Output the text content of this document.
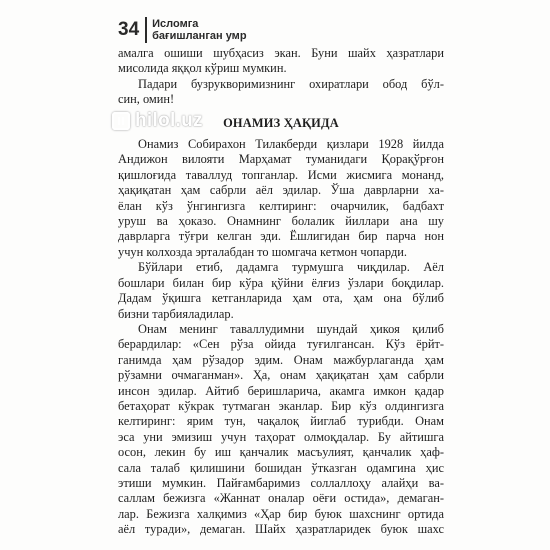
34	Исломга
бағишланган умр
hilol.uz
амалга ошиши шубҳасиз экан. Буни шайх ҳазратлари
мисолида яққол кўриш мумкин.
Падари бузрукворимизнинг охиратлари обод бўл-
син, омин!
ОНАМИЗ ҲАҚИДА
Онамиз Собирахон Тилакберди қизлари 1928 йилда
Андижон вилояти Марҳамат туманидаги Қорақўрғон
қишлоғида таваллуд топганлар. Исми жисмига монанд,
ҳақиқатан ҳам сабрли аёл эдилар. Ўша даврларни ха-
ёлан кўз ўнгингизга келтиринг: очарчилик, бадбахт
уруш ва ҳоказо. Онамнинг болалик йиллари ана шу
даврларга тўғри келган эди. Ёшлигидан бир парча нон
учун колхозда эрталабдан то шомгача кетмон чопарди.
Бўйлари етиб, дадамга турмушга чиқдилар. Аёл
бошлари билан бир кўра қўйни ёлғиз ўзлари боқдилар.
Дадам ўқишга кетганларида ҳам ота, ҳам она бўлиб
бизни тарбияладилар.
Онам менинг таваллудимни шундай ҳикоя қилиб
берардилар: «Сен рўза ойида туғилгансан. Кўз ёрйт-
ганимда ҳам рўзадор эдим. Онам мажбурлаганда ҳам
рўзамни очмаганман». Ҳа, онам ҳақиқатан ҳам сабрли
инсон эдилар. Айтиб беришларича, акамга имкон қадар
бетаҳорат кўкрак тутмаган эканлар. Бир кўз олдингизга
келтиринг: ярим тун, чақалоқ йиглаб турибди. Онам
эса уни эмизиш учун таҳорат олмоқдалар. Бу айтишга
осон, лекин бу иш қанчалик масъулият, қанчалик ҳаф-
сала талаб қилишини бошидан ўтказган одамгина ҳис
этиши мумкин. Пайғамбаримиз соллаллоҳу алайҳи ва-
саллам бежизга «Жаннат оналар оёғи остида», демаган-
лар. Бежизга халқимиз «Ҳар бир буюк шахснинг ортида
аёл туради», демаган. Шайх ҳазратларидек буюк шахс
